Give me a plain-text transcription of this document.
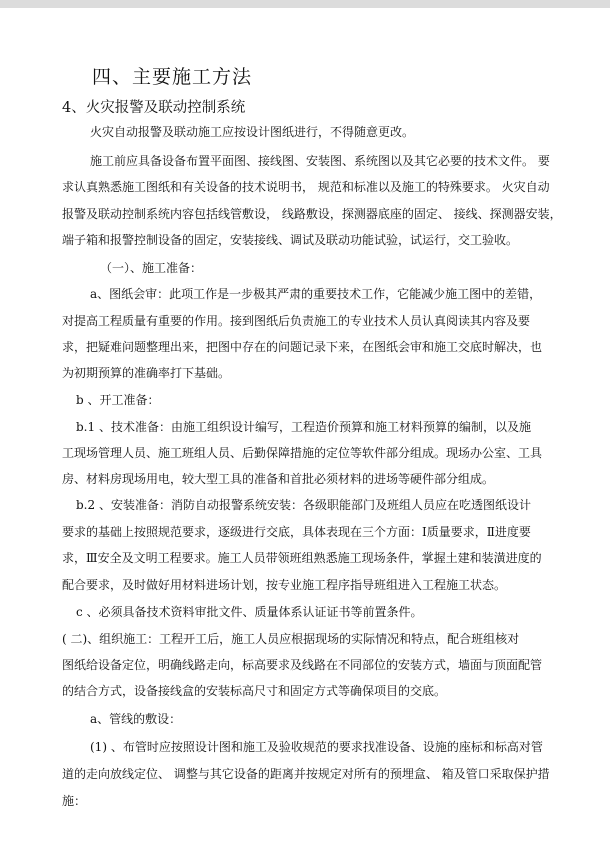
四、主要施工方法
4、火灾报警及联动控制系统
火灾自动报警及联动施工应按设计图纸进行，不得随意更改。
施工前应具备设备布置平面图、接线图、安装图、系统图以及其它必要的技术文件。 要
求认真熟悉施工图纸和有关设备的技术说明书， 规范和标准以及施工的特殊要求。 火灾自动
报警及联动控制系统内容包括线管敷设， 线路敷设，探测器底座的固定、 接线、探测器安装，
端子箱和报警控制设备的固定，安装接线、调试及联动功能试验，试运行，交工验收。
（一）、施工准备：
a、图纸会审：此项工作是一步极其严肃的重要技术工作，它能减少施工图中的差错，
对提高工程质量有重要的作用。接到图纸后负责施工的专业技术人员认真阅读其内容及要
求，把疑难问题整理出来，把图中存在的问题记录下来，在图纸会审和施工交底时解决，也
为初期预算的准确率打下基础。
b 、开工准备：
b.1 、技术准备：由施工组织设计编写，工程造价预算和施工材料预算的编制，以及施
工现场管理人员、施工班组人员、后勤保障措施的定位等软件部分组成。现场办公室、工具
房、材料房现场用电，较大型工具的准备和首批必须材料的进场等硬件部分组成。
b.2 、安装准备：消防自动报警系统安装：各级职能部门及班组人员应在吃透图纸设计
要求的基础上按照规范要求，逐级进行交底，具体表现在三个方面：Ⅰ质量要求，Ⅱ进度要
求，Ⅲ安全及文明工程要求。施工人员带领班组熟悉施工现场条件，掌握土建和装潢进度的
配合要求，及时做好用材料进场计划，按专业施工程序指导班组进入工程施工状态。
c 、必须具备技术资料审批文件、质量体系认证证书等前置条件。
( 二)、组织施工：工程开工后，施工人员应根据现场的实际情况和特点，配合班组核对
图纸给设备定位，明确线路走向，标高要求及线路在不同部位的安装方式，墙面与顶面配管
的结合方式，设备接线盒的安装标高尺寸和固定方式等确保项目的交底。
a、管线的敷设：
(1) 、布管时应按照设计图和施工及验收规范的要求找准设备、设施的座标和标高对管
道的走向放线定位、 调整与其它设备的距离并按规定对所有的预埋盒、 箱及管口采取保护措
施：
